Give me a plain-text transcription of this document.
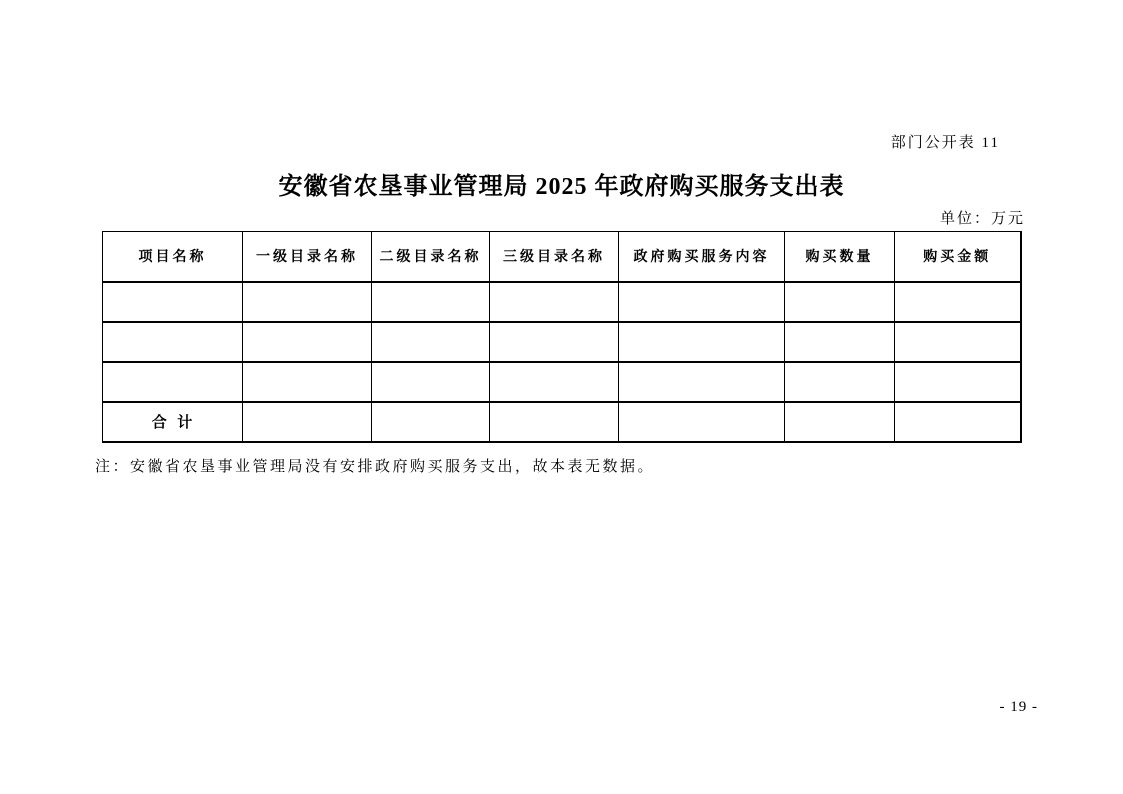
部门公开表 11
安徽省农垦事业管理局 2025 年政府购买服务支出表
单位：万元
项目名称	一级目录名称	二级目录名称	三级目录名称	政府购买服务内容	购买数量	购买金额

合  计						
注：安徽省农垦事业管理局没有安排政府购买服务支出，故本表无数据。
- 19 -
